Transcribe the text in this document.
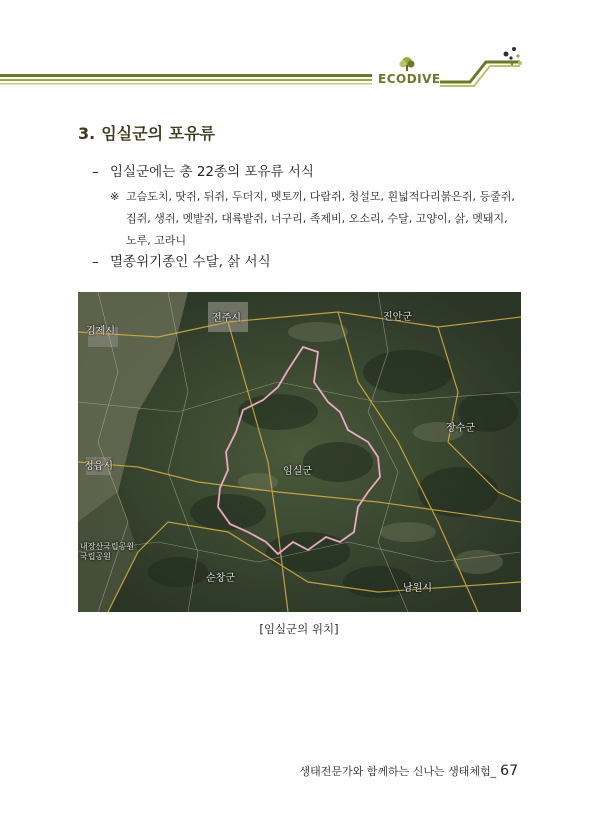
ECODIVE
3. 임실군의 포유류
– 임실군에는 총 22종의 포유류 서식
※ 고슴도치, 땃쥐, 뒤쥐, 두더지, 멧토끼, 다람쥐, 청설모, 흰넓적다리붉은쥐, 등줄쥐,
집쥐, 생쥐, 멧밭쥐, 대륙밭쥐, 너구리, 족제비, 오소리, 수달, 고양이, 삵, 멧돼지,
노루, 고라니
– 멸종위기종인 수달, 삵 서식
김제시
전주시	진안군
장수군
정읍시	임실군
내장산국립공원
국립공원
순창군
남원시
[임실군의 위치]
생태전문가와 함께하는 신나는 생태체험_ 67
